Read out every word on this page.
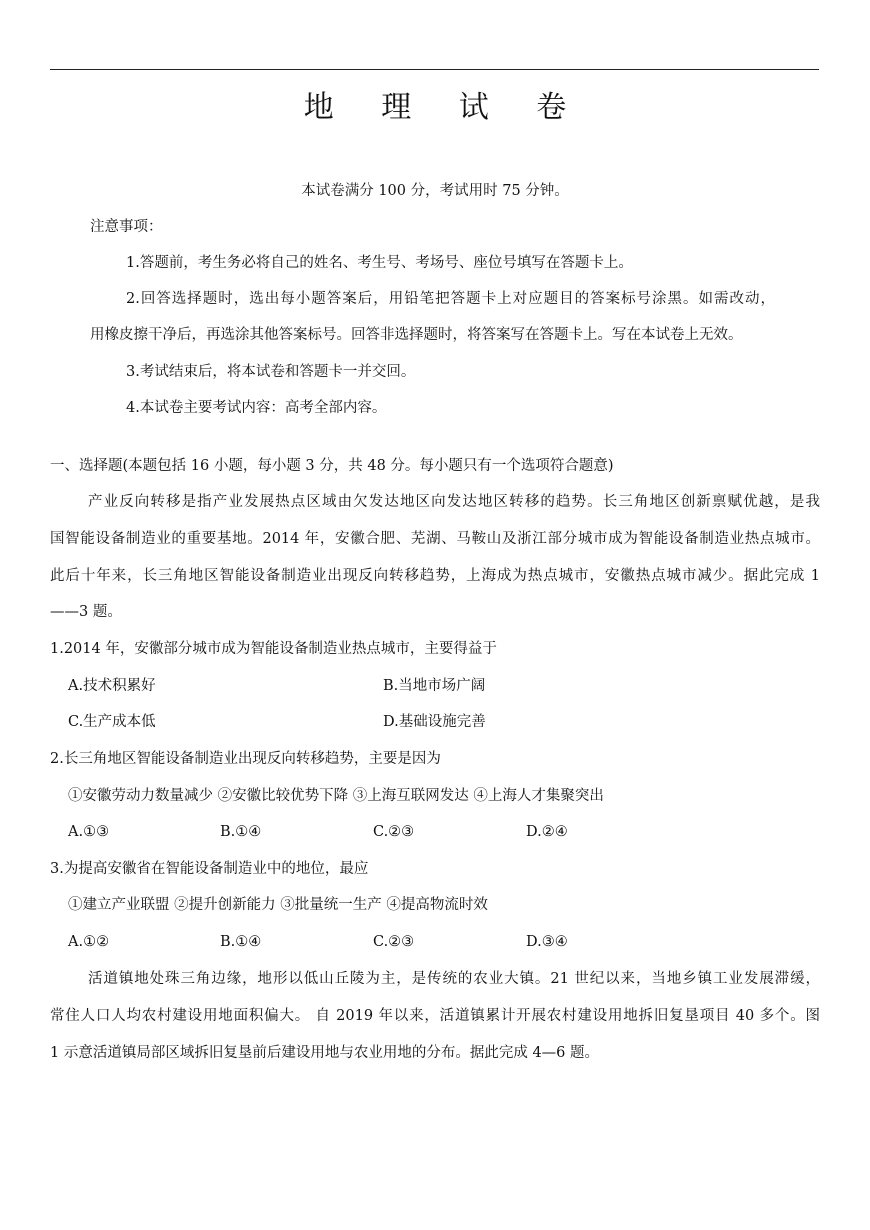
地 理 试 卷
本试卷满分 100 分，考试用时 75 分钟。
注意事项：
1.答题前，考生务必将自己的姓名、考生号、考场号、座位号填写在答题卡上。
2.回答选择题时，选出每小题答案后，用铅笔把答题卡上对应题目的答案标号涂黑。如需改动，
用橡皮擦干净后，再选涂其他答案标号。回答非选择题时，将答案写在答题卡上。写在本试卷上无效。
3.考试结束后，将本试卷和答题卡一并交回。
4.本试卷主要考试内容：高考全部内容。
一、选择题(本题包括 16 小题，每小题 3 分，共 48 分。每小题只有一个选项符合题意)
产业反向转移是指产业发展热点区域由欠发达地区向发达地区转移的趋势。长三角地区创新禀赋优越，是我
国智能设备制造业的重要基地。2014 年，安徽合肥、芜湖、马鞍山及浙江部分城市成为智能设备制造业热点城市。
此后十年来，长三角地区智能设备制造业出现反向转移趋势，上海成为热点城市，安徽热点城市减少。据此完成 1
——3 题。
1.2014 年，安徽部分城市成为智能设备制造业热点城市，主要得益于
A.技术积累好	B.当地市场广阔
C.生产成本低	D.基础设施完善
2.长三角地区智能设备制造业出现反向转移趋势，主要是因为
①安徽劳动力数量减少 ②安徽比较优势下降 ③上海互联网发达 ④上海人才集聚突出
A.①③	B.①④	C.②③	D.②④
3.为提高安徽省在智能设备制造业中的地位，最应
①建立产业联盟 ②提升创新能力 ③批量统一生产 ④提高物流时效
A.①②	B.①④	C.②③	D.③④
活道镇地处珠三角边缘，地形以低山丘陵为主，是传统的农业大镇。21 世纪以来，当地乡镇工业发展滞缓，
常住人口人均农村建设用地面积偏大。 自 2019 年以来，活道镇累计开展农村建设用地拆旧复垦项目 40 多个。图
1 示意活道镇局部区域拆旧复垦前后建设用地与农业用地的分布。据此完成 4—6 题。
